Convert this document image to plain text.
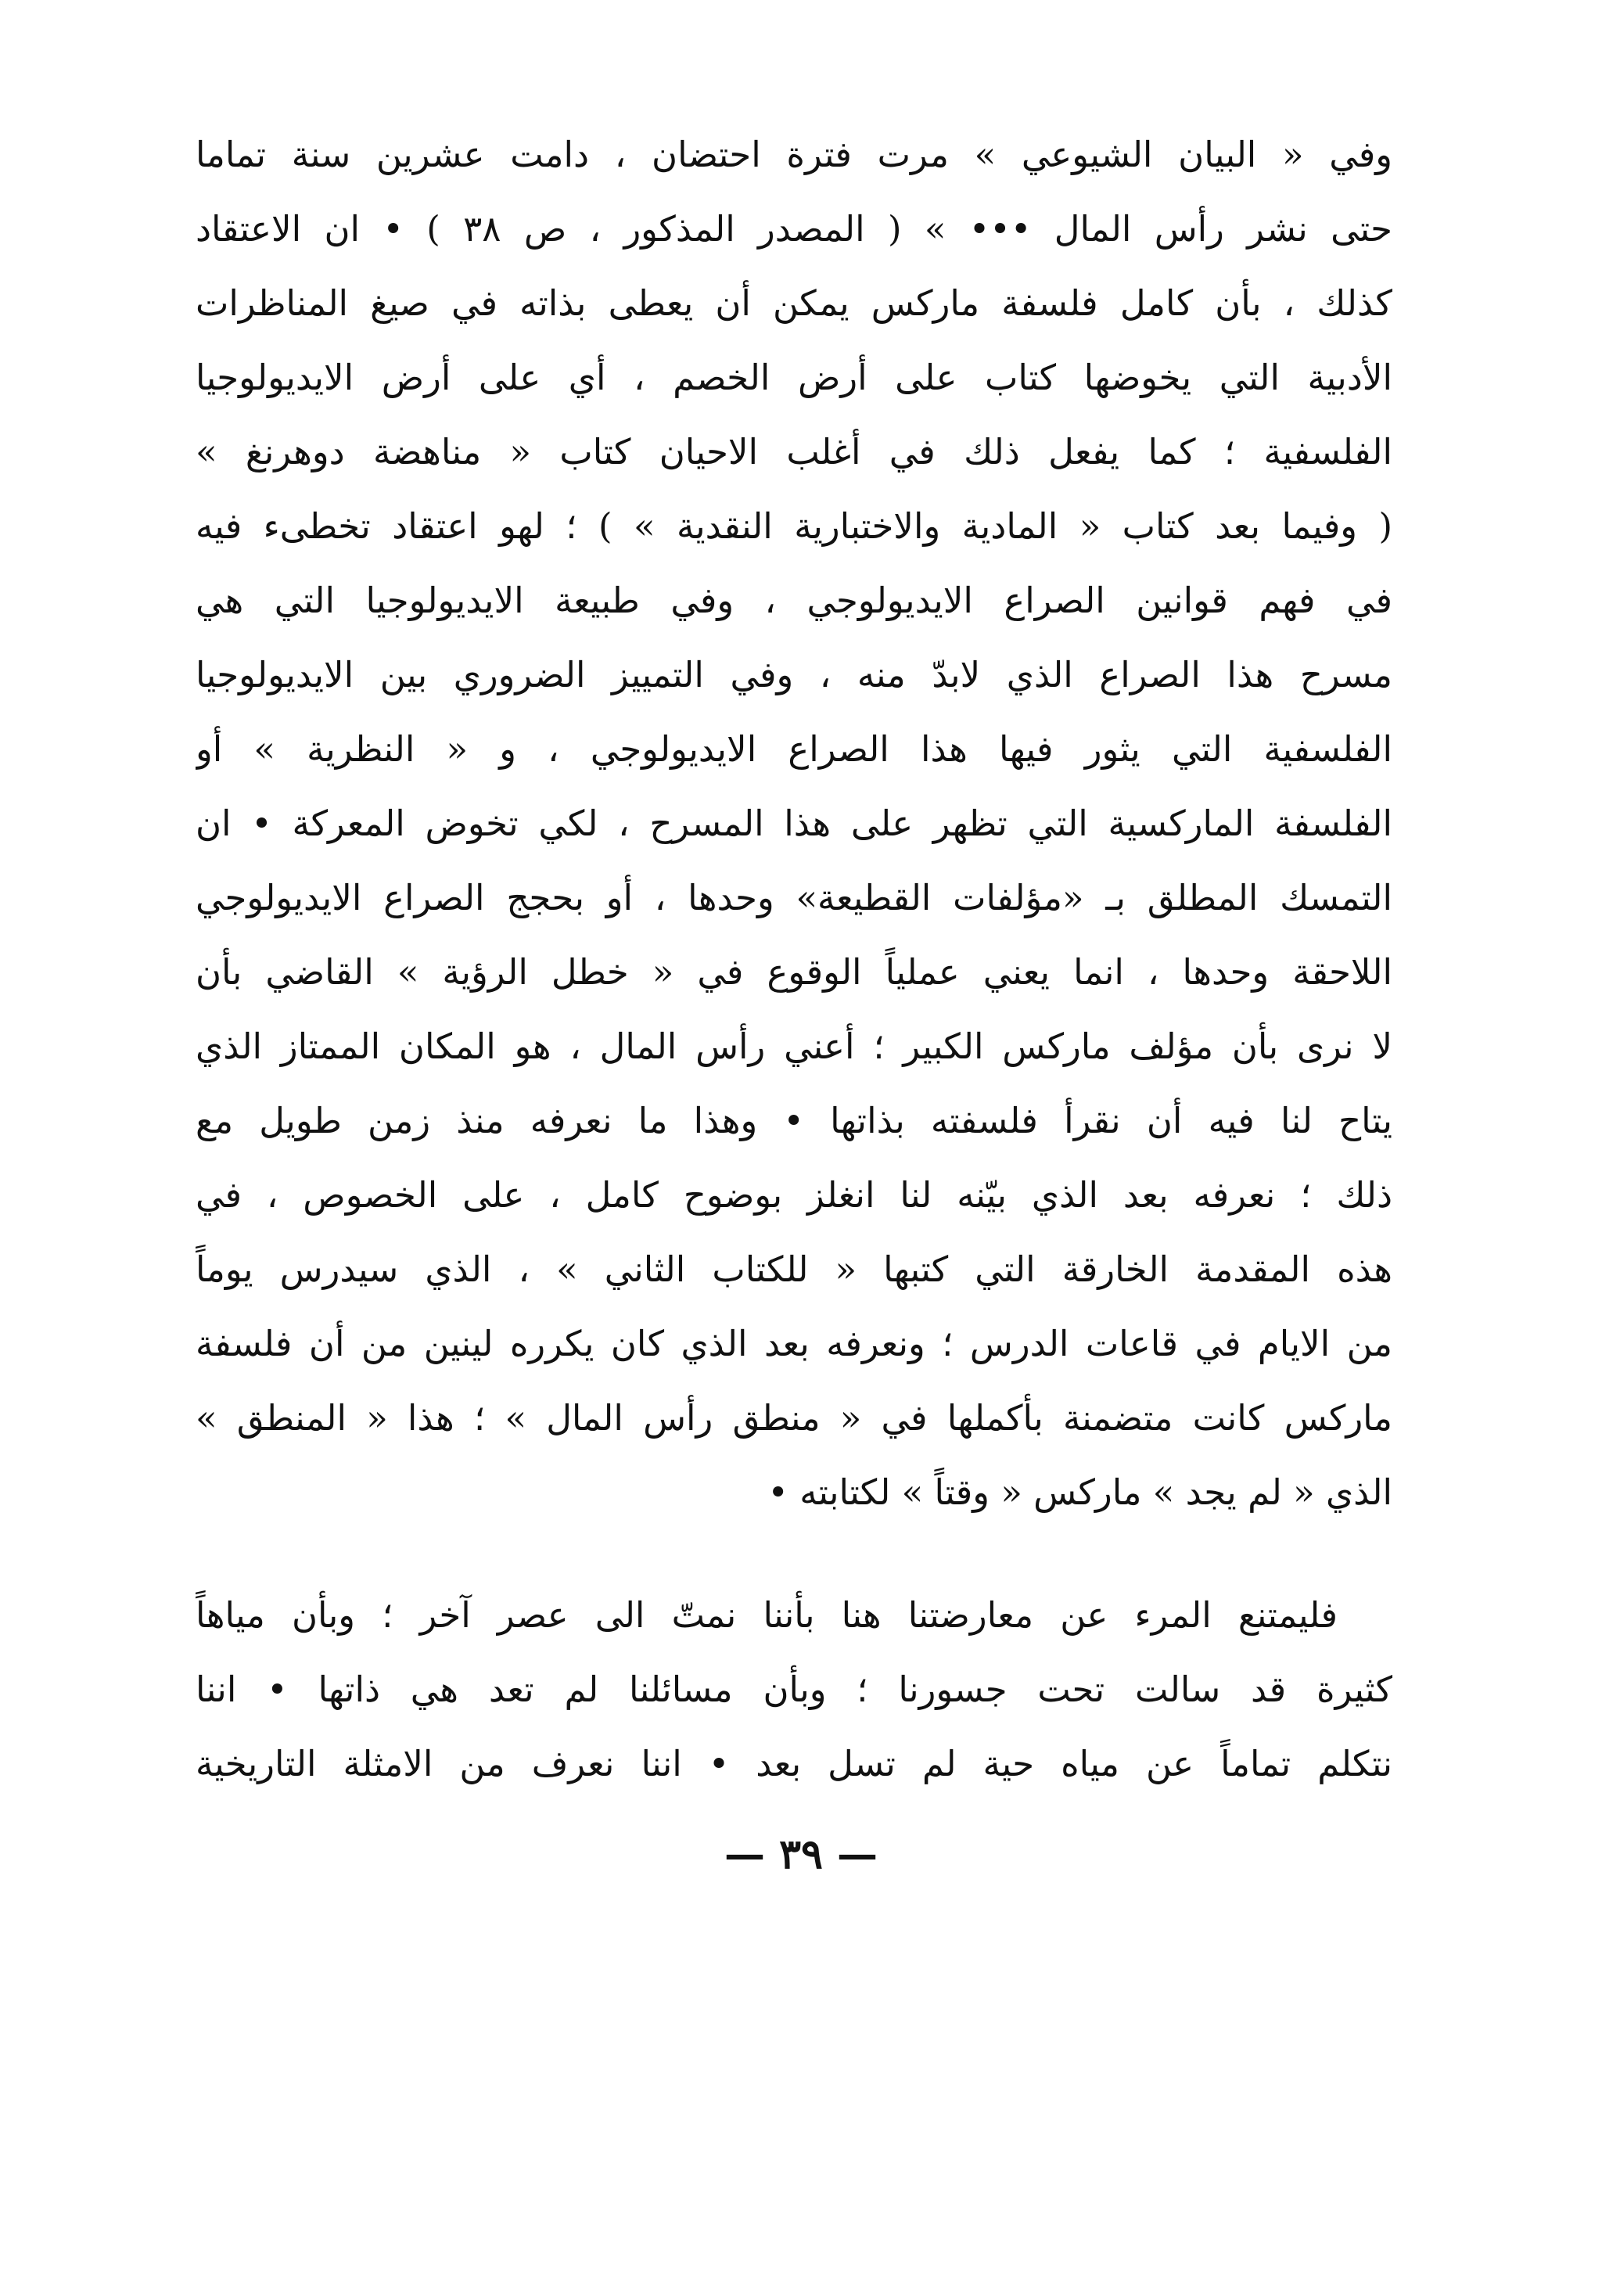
وفي « البيان الشيوعي » مرت فترة احتضان ، دامت عشرين سنة تماما
حتى نشر رأس المال ••• » ( المصدر المذكور ، ص ٣٨ ) • ان الاعتقاد
كذلك ، بأن كامل فلسفة ماركس يمكن أن يعطى بذاته في صيغ المناظرات
الأدبية التي يخوضها كتاب على أرض الخصم ، أي على أرض الايديولوجيا
الفلسفية ؛ كما يفعل ذلك في أغلب الاحيان كتاب « مناهضة دوهرنغ »
( وفيما بعد كتاب « المادية والاختبارية النقدية » ) ؛ لهو اعتقاد تخطىء فيه
في فهم قوانين الصراع الايديولوجي ، وفي طبيعة الايديولوجيا التي هي
مسرح هذا الصراع الذي لابدّ منه ، وفي التمييز الضروري بين الايديولوجيا
الفلسفية التي يثور فيها هذا الصراع الايديولوجي ، و « النظرية » أو
الفلسفة الماركسية التي تظهر على هذا المسرح ، لكي تخوض المعركة • ان
التمسك المطلق بـ «مؤلفات القطيعة» وحدها ، أو بحجج الصراع الايديولوجي
اللاحقة وحدها ، انما يعني عملياً الوقوع في « خطل الرؤية » القاضي بأن
لا نرى بأن مؤلف ماركس الكبير ؛ أعني رأس المال ، هو المكان الممتاز الذي
يتاح لنا فيه أن نقرأ فلسفته بذاتها • وهذا ما نعرفه منذ زمن طويل مع
ذلك ؛ نعرفه بعد الذي بيّنه لنا انغلز بوضوح كامل ، على الخصوص ، في
هذه المقدمة الخارقة التي كتبها « للكتاب الثاني » ، الذي سيدرس يوماً
من الايام في قاعات الدرس ؛ ونعرفه بعد الذي كان يكرره لينين من أن فلسفة
ماركس كانت متضمنة بأكملها في « منطق رأس المال » ؛ هذا « المنطق »
الذي « لم يجد » ماركس « وقتاً » لكتابته •
فليمتنع المرء عن معارضتنا هنا بأننا نمتّ الى عصر آخر ؛ وبأن مياهاً
كثيرة قد سالت تحت جسورنا ؛ وبأن مسائلنا لم تعد هي ذاتها • اننا
نتكلم تماماً عن مياه حية لم تسل بعد • اننا نعرف من الامثلة التاريخية
— ٣٩ —
